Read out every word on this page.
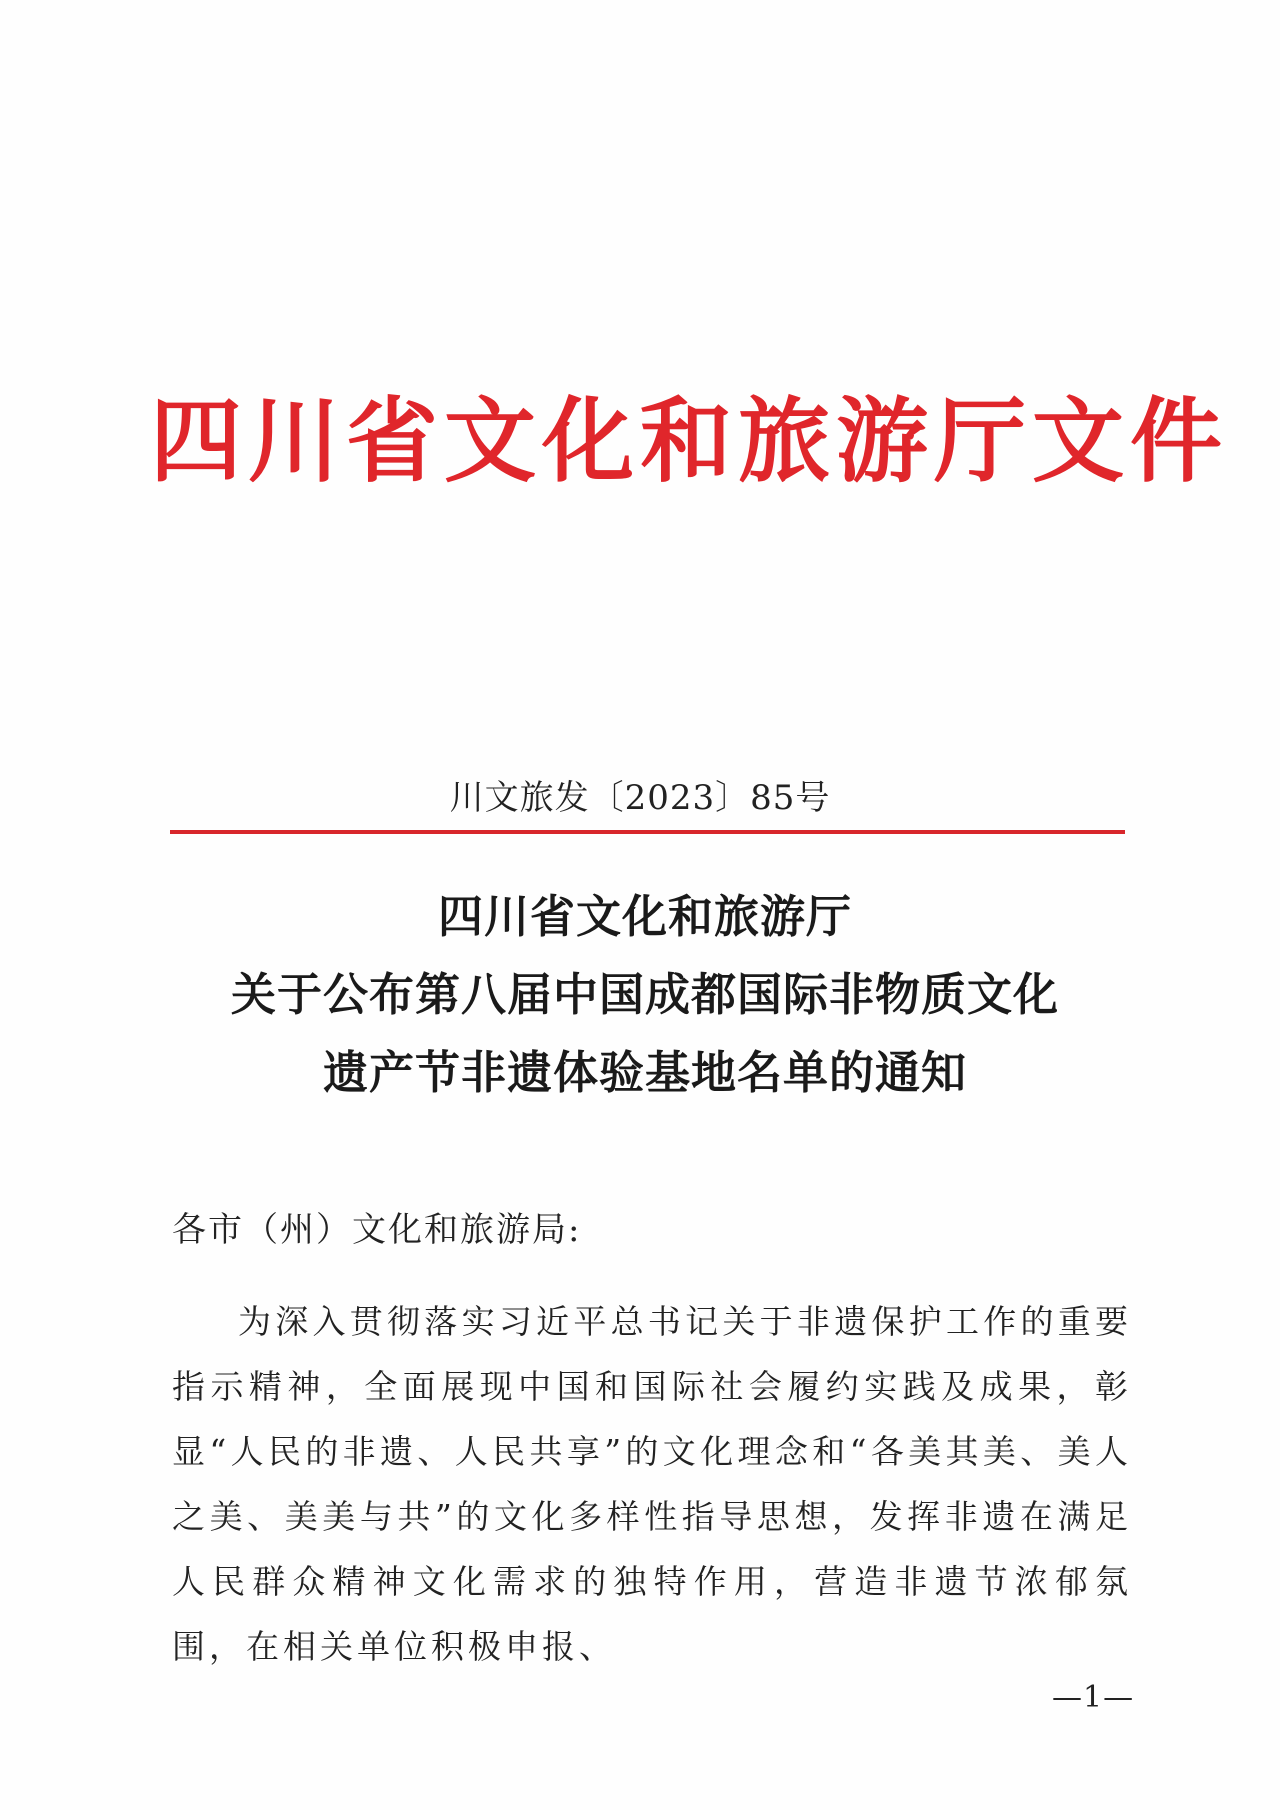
四川省文化和旅游厅文件
川文旅发〔2023〕85号
四川省文化和旅游厅
关于公布第八届中国成都国际非物质文化
遗产节非遗体验基地名单的通知
各市（州）文化和旅游局:

为深入贯彻落实习近平总书记关于非遗保护工作的重要指示精神，全面展现中国和国际社会履约实践及成果，彰显“人民的非遗、人民共享”的文化理念和“各美其美、美人之美、美美与共”的文化多样性指导思想，发挥非遗在满足人民群众精神文化需求的独特作用，营造非遗节浓郁氛围，在相关单位积极申报、

—1—
